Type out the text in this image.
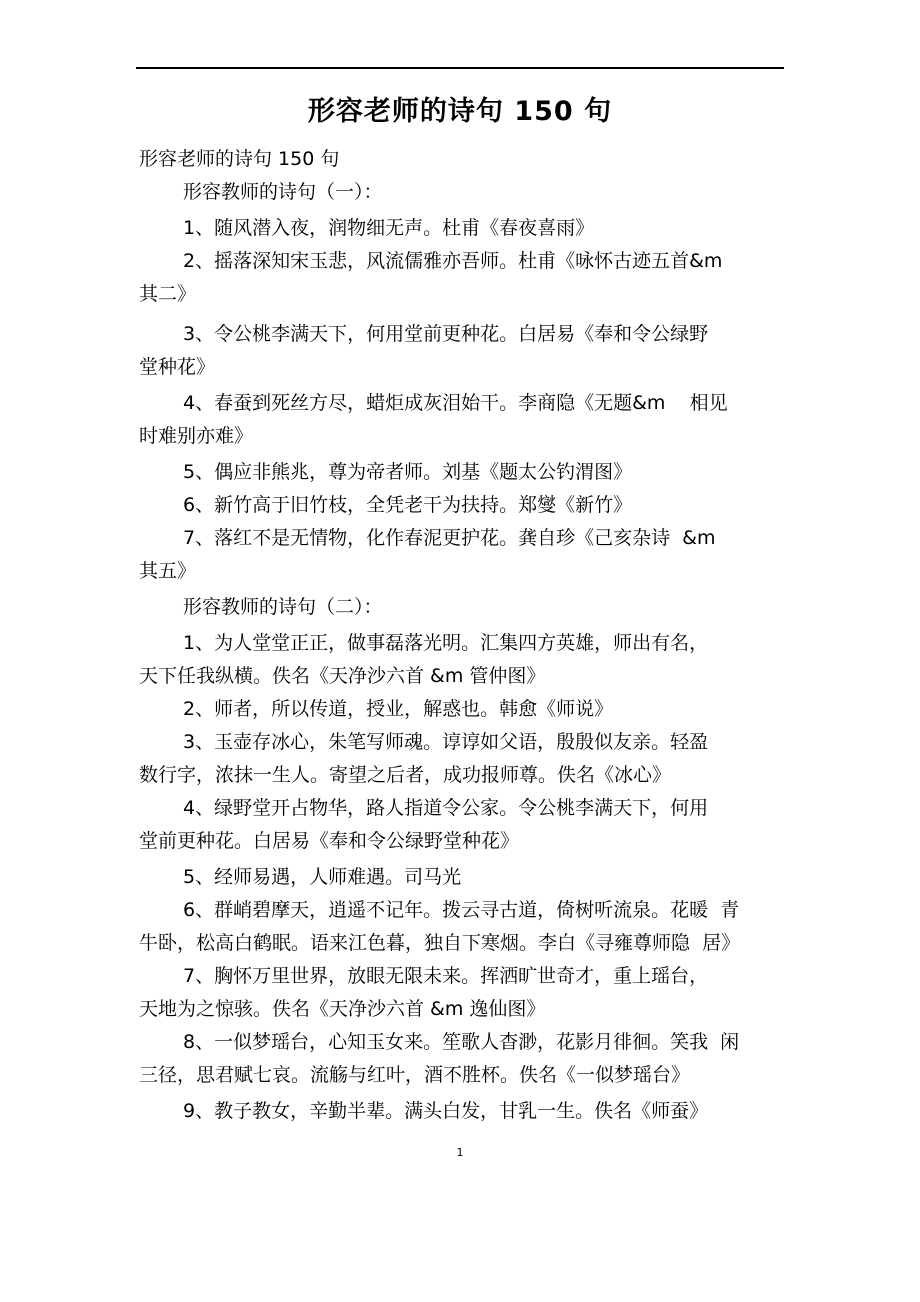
形容老师的诗句 150 句

形容老师的诗句 150 句

形容教师的诗句（一）：

1、随风潜入夜，润物细无声。杜甫《春夜喜雨》

2、摇落深知宋玉悲，风流儒雅亦吾师。杜甫《咏怀古迹五首&m
其二》

3、令公桃李满天下，何用堂前更种花。白居易《奉和令公绿野
堂种花》

4、春蚕到死丝方尽，蜡炬成灰泪始干。李商隐《无题&m    相见
时难别亦难》

5、偶应非熊兆，尊为帝者师。刘基《题太公钓渭图》

6、新竹高于旧竹枝，全凭老干为扶持。郑燮《新竹》

7、落红不是无情物，化作春泥更护花。龚自珍《己亥杂诗  &m
其五》

形容教师的诗句（二）：

1、为人堂堂正正，做事磊落光明。汇集四方英雄，师出有名，
天下任我纵横。佚名《天净沙六首 &m 管仲图》

2、师者，所以传道，授业，解惑也。韩愈《师说》

3、玉壶存冰心，朱笔写师魂。谆谆如父语，殷殷似友亲。轻盈
数行字，浓抹一生人。寄望之后者，成功报师尊。佚名《冰心》

4、绿野堂开占物华，路人指道令公家。令公桃李满天下，何用
堂前更种花。白居易《奉和令公绿野堂种花》

5、经师易遇，人师难遇。司马光

6、群峭碧摩天，逍遥不记年。拨云寻古道，倚树听流泉。花暖  青
牛卧，松高白鹤眠。语来江色暮，独自下寒烟。李白《寻雍尊师隐  居》

7、胸怀万里世界，放眼无限未来。挥洒旷世奇才，重上瑶台，
天地为之惊骇。佚名《天净沙六首 &m 逸仙图》

8、一似梦瑶台，心知玉女来。笙歌人杳渺，花影月徘徊。笑我  闲
三径，思君赋七哀。流觞与红叶，酒不胜杯。佚名《一似梦瑶台》

9、教子教女，辛勤半辈。满头白发，甘乳一生。佚名《师蚕》

1
